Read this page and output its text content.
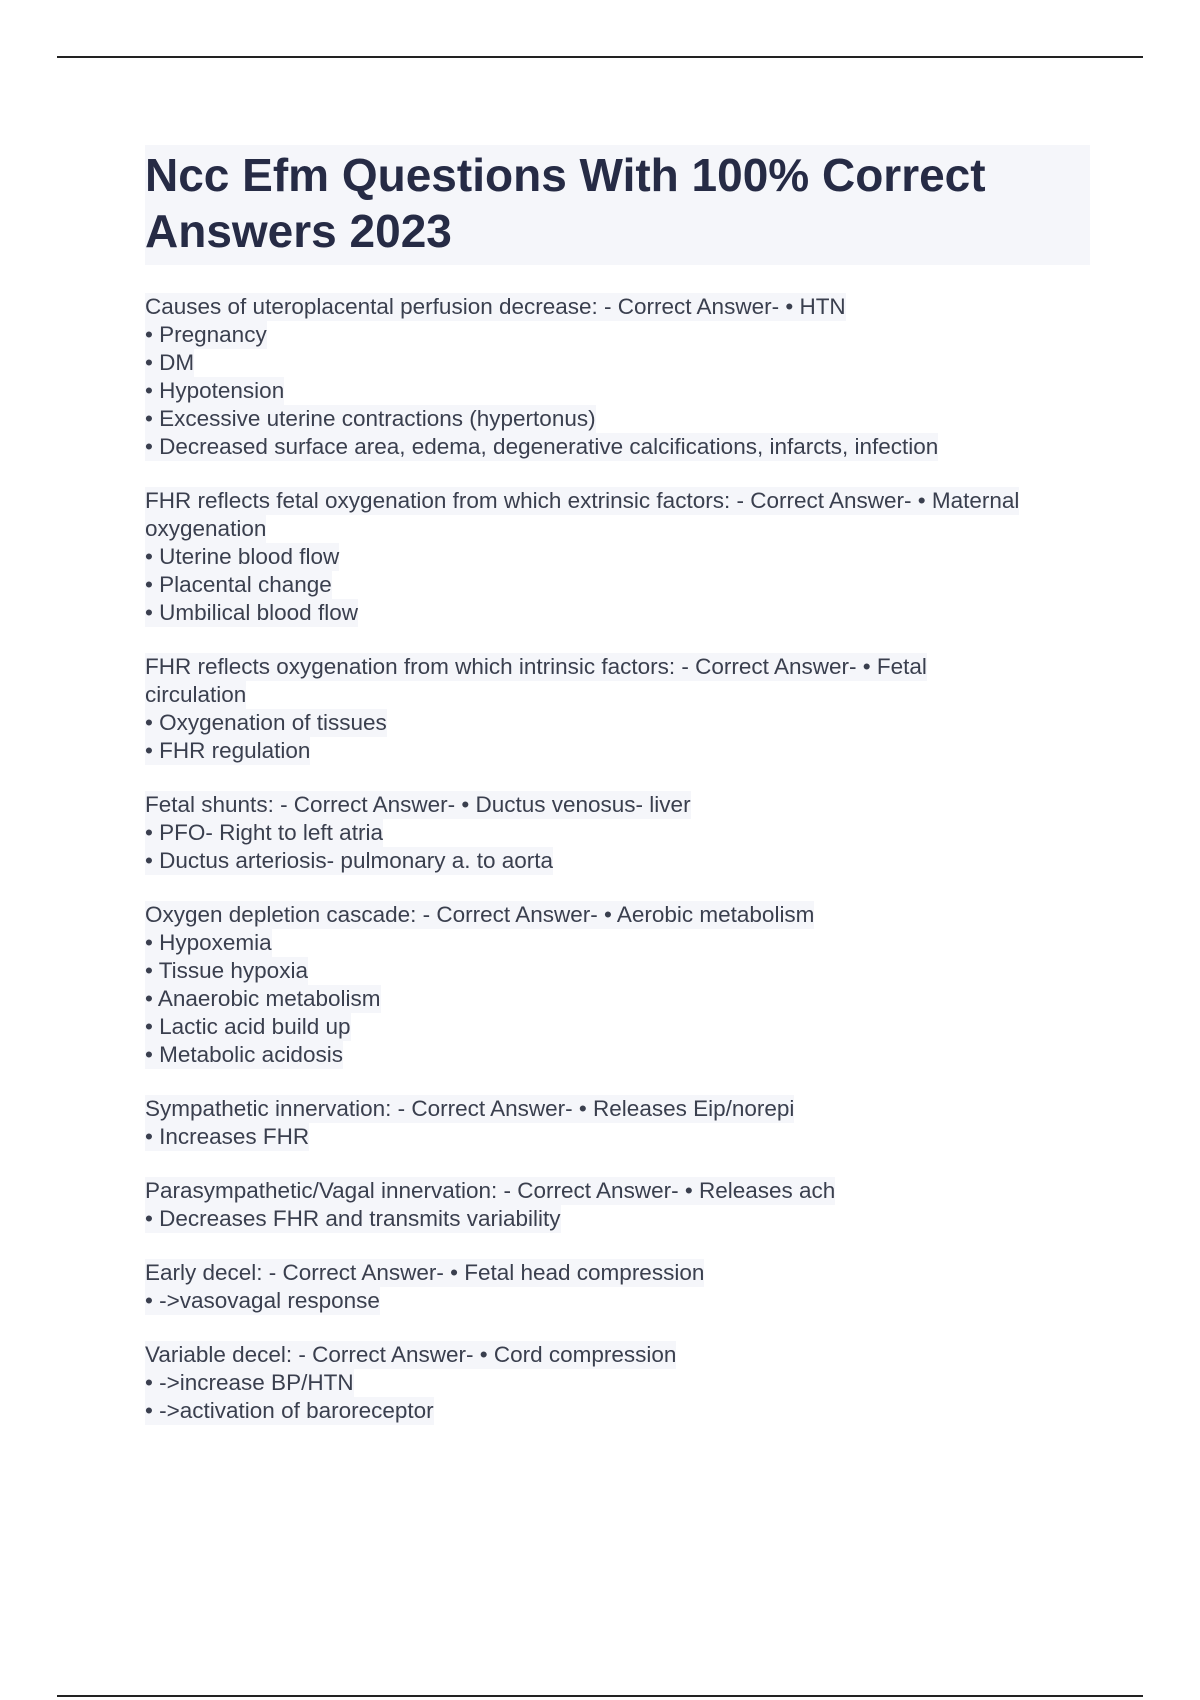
Ncc Efm Questions With 100% Correct
Answers 2023
Causes of uteroplacental perfusion decrease: - Correct Answer- • HTN
• Pregnancy
• DM
• Hypotension
• Excessive uterine contractions (hypertonus)
• Decreased surface area, edema, degenerative calcifications, infarcts, infection
FHR reflects fetal oxygenation from which extrinsic factors: - Correct Answer- • Maternal
oxygenation
• Uterine blood flow
• Placental change
• Umbilical blood flow
FHR reflects oxygenation from which intrinsic factors: - Correct Answer- • Fetal
circulation
• Oxygenation of tissues
• FHR regulation
Fetal shunts: - Correct Answer- • Ductus venosus- liver
• PFO- Right to left atria
• Ductus arteriosis- pulmonary a. to aorta
Oxygen depletion cascade: - Correct Answer- • Aerobic metabolism
• Hypoxemia
• Tissue hypoxia
• Anaerobic metabolism
• Lactic acid build up
• Metabolic acidosis
Sympathetic innervation: - Correct Answer- • Releases Eip/norepi
• Increases FHR
Parasympathetic/Vagal innervation: - Correct Answer- • Releases ach
• Decreases FHR and transmits variability
Early decel: - Correct Answer- • Fetal head compression
• ->vasovagal response
Variable decel: - Correct Answer- • Cord compression
• ->increase BP/HTN
• ->activation of baroreceptor
